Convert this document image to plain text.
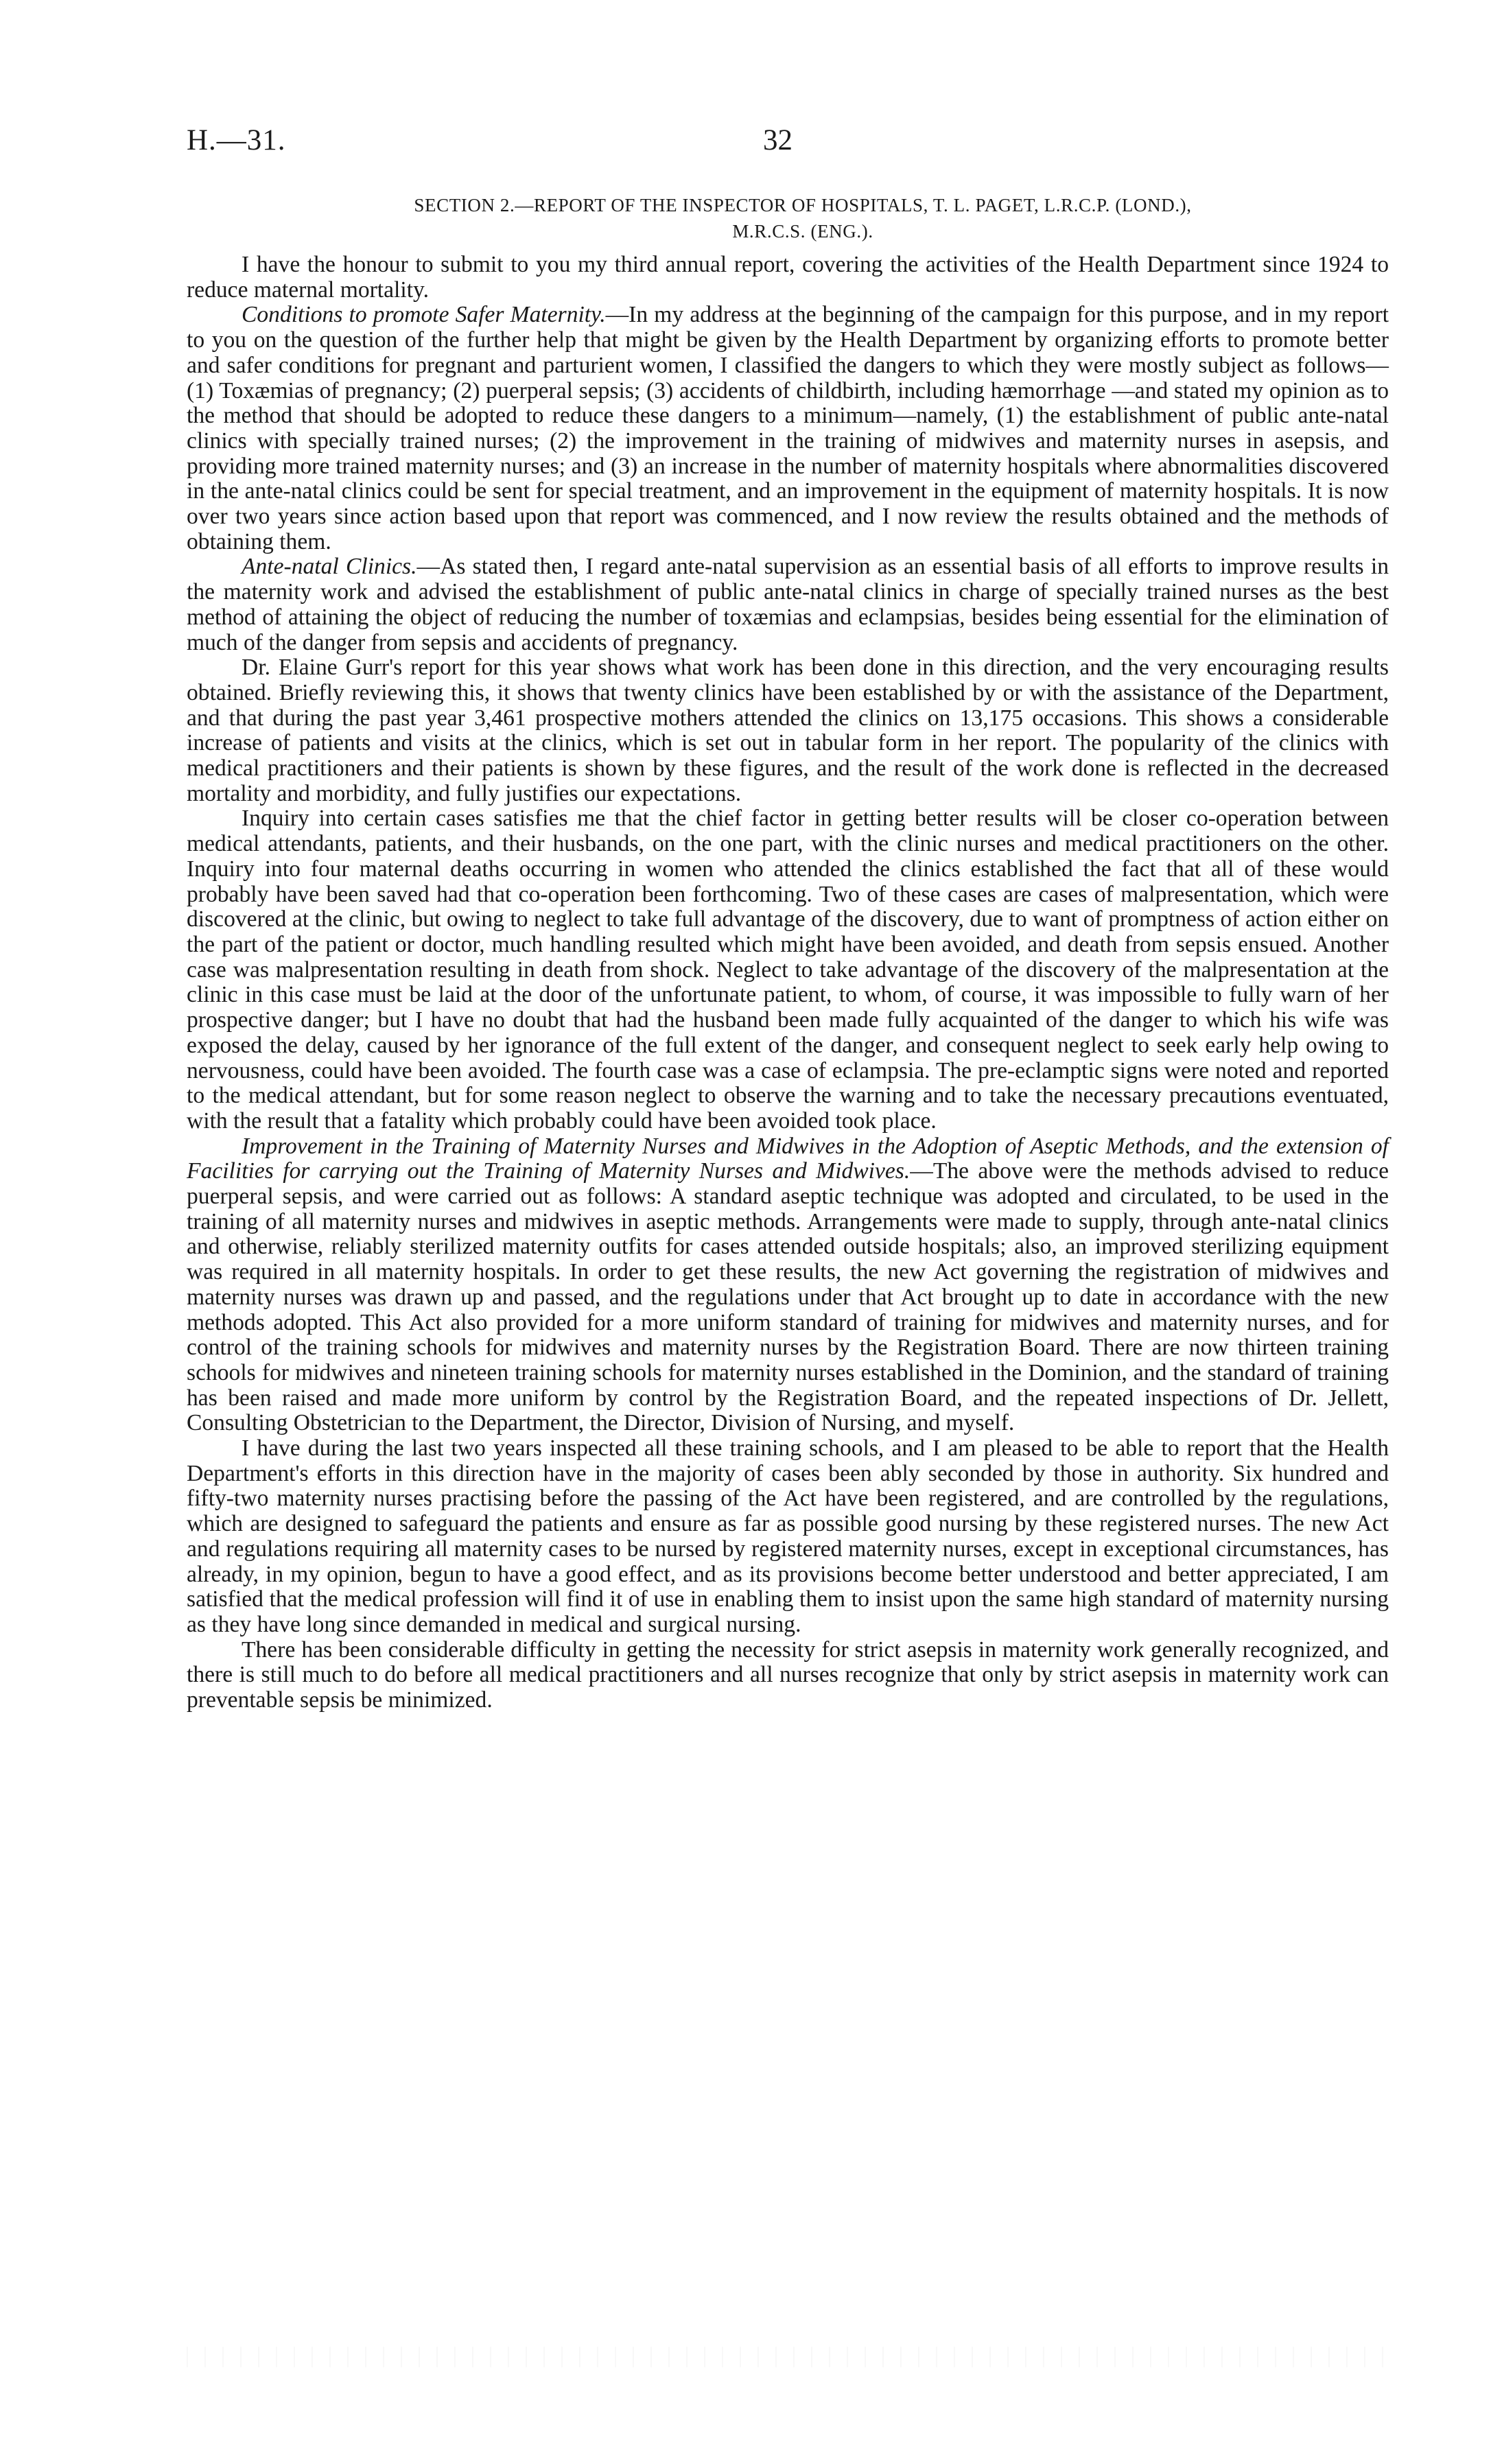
H.—31.	32
SECTION 2.—REPORT OF THE INSPECTOR OF HOSPITALS, T. L. PAGET, L.R.C.P. (LOND.),
M.R.C.S. (ENG.).

I have the honour to submit to you my third annual report, covering the activities of the Health Department since 1924 to reduce maternal mortality.

Conditions to promote Safer Maternity.—In my address at the beginning of the campaign for this purpose, and in my report to you on the question of the further help that might be given by the Health Department by organizing efforts to promote better and safer conditions for pregnant and parturient women, I classified the dangers to which they were mostly subject as follows— (1) Toxæmias of pregnancy; (2) puerperal sepsis; (3) accidents of childbirth, including hæmorrhage —and stated my opinion as to the method that should be adopted to reduce these dangers to a minimum—namely, (1) the establishment of public ante-natal clinics with specially trained nurses; (2) the improvement in the training of midwives and maternity nurses in asepsis, and providing more trained maternity nurses; and (3) an increase in the number of maternity hospitals where abnormalities discovered in the ante-natal clinics could be sent for special treatment, and an improvement in the equipment of maternity hospitals. It is now over two years since action based upon that report was commenced, and I now review the results obtained and the methods of obtaining them.

Ante-natal Clinics.—As stated then, I regard ante-natal supervision as an essential basis of all efforts to improve results in the maternity work and advised the establishment of public ante-natal clinics in charge of specially trained nurses as the best method of attaining the object of reducing the number of toxæmias and eclampsias, besides being essential for the elimination of much of the danger from sepsis and accidents of pregnancy.

Dr. Elaine Gurr's report for this year shows what work has been done in this direction, and the very encouraging results obtained. Briefly reviewing this, it shows that twenty clinics have been established by or with the assistance of the Department, and that during the past year 3,461 prospective mothers attended the clinics on 13,175 occasions. This shows a considerable increase of patients and visits at the clinics, which is set out in tabular form in her report. The popularity of the clinics with medical practitioners and their patients is shown by these figures, and the result of the work done is reflected in the decreased mortality and morbidity, and fully justifies our expectations.

Inquiry into certain cases satisfies me that the chief factor in getting better results will be closer co-operation between medical attendants, patients, and their husbands, on the one part, with the clinic nurses and medical practitioners on the other. Inquiry into four maternal deaths occurring in women who attended the clinics established the fact that all of these would probably have been saved had that co-operation been forthcoming. Two of these cases are cases of malpresentation, which were discovered at the clinic, but owing to neglect to take full advantage of the discovery, due to want of promptness of action either on the part of the patient or doctor, much handling resulted which might have been avoided, and death from sepsis ensued. Another case was malpresentation resulting in death from shock. Neglect to take advantage of the discovery of the malpresentation at the clinic in this case must be laid at the door of the unfortunate patient, to whom, of course, it was impossible to fully warn of her prospective danger; but I have no doubt that had the husband been made fully acquainted of the danger to which his wife was exposed the delay, caused by her ignorance of the full extent of the danger, and consequent neglect to seek early help owing to nervousness, could have been avoided. The fourth case was a case of eclampsia. The pre-eclamptic signs were noted and reported to the medical attendant, but for some reason neglect to observe the warning and to take the necessary precautions eventuated, with the result that a fatality which probably could have been avoided took place.

Improvement in the Training of Maternity Nurses and Midwives in the Adoption of Aseptic Methods, and the extension of Facilities for carrying out the Training of Maternity Nurses and Midwives.—The above were the methods advised to reduce puerperal sepsis, and were carried out as follows: A standard aseptic technique was adopted and circulated, to be used in the training of all maternity nurses and midwives in aseptic methods. Arrangements were made to supply, through ante-natal clinics and otherwise, reliably sterilized maternity outfits for cases attended outside hospitals; also, an improved sterilizing equipment was required in all maternity hospitals. In order to get these results, the new Act governing the registration of midwives and maternity nurses was drawn up and passed, and the regulations under that Act brought up to date in accordance with the new methods adopted. This Act also provided for a more uniform standard of training for midwives and maternity nurses, and for control of the training schools for midwives and maternity nurses by the Registration Board. There are now thirteen training schools for midwives and nineteen training schools for maternity nurses established in the Dominion, and the standard of training has been raised and made more uniform by control by the Registration Board, and the repeated inspections of Dr. Jellett, Consulting Obstetrician to the Department, the Director, Division of Nursing, and myself.

I have during the last two years inspected all these training schools, and I am pleased to be able to report that the Health Department's efforts in this direction have in the majority of cases been ably seconded by those in authority. Six hundred and fifty-two maternity nurses practising before the passing of the Act have been registered, and are controlled by the regulations, which are designed to safeguard the patients and ensure as far as possible good nursing by these registered nurses. The new Act and regulations requiring all maternity cases to be nursed by registered maternity nurses, except in exceptional circumstances, has already, in my opinion, begun to have a good effect, and as its provisions become better understood and better appreciated, I am satisfied that the medical profession will find it of use in enabling them to insist upon the same high standard of maternity nursing as they have long since demanded in medical and surgical nursing.

There has been considerable difficulty in getting the necessity for strict asepsis in maternity work generally recognized, and there is still much to do before all medical practitioners and all nurses recognize that only by strict asepsis in maternity work can preventable sepsis be minimized.
